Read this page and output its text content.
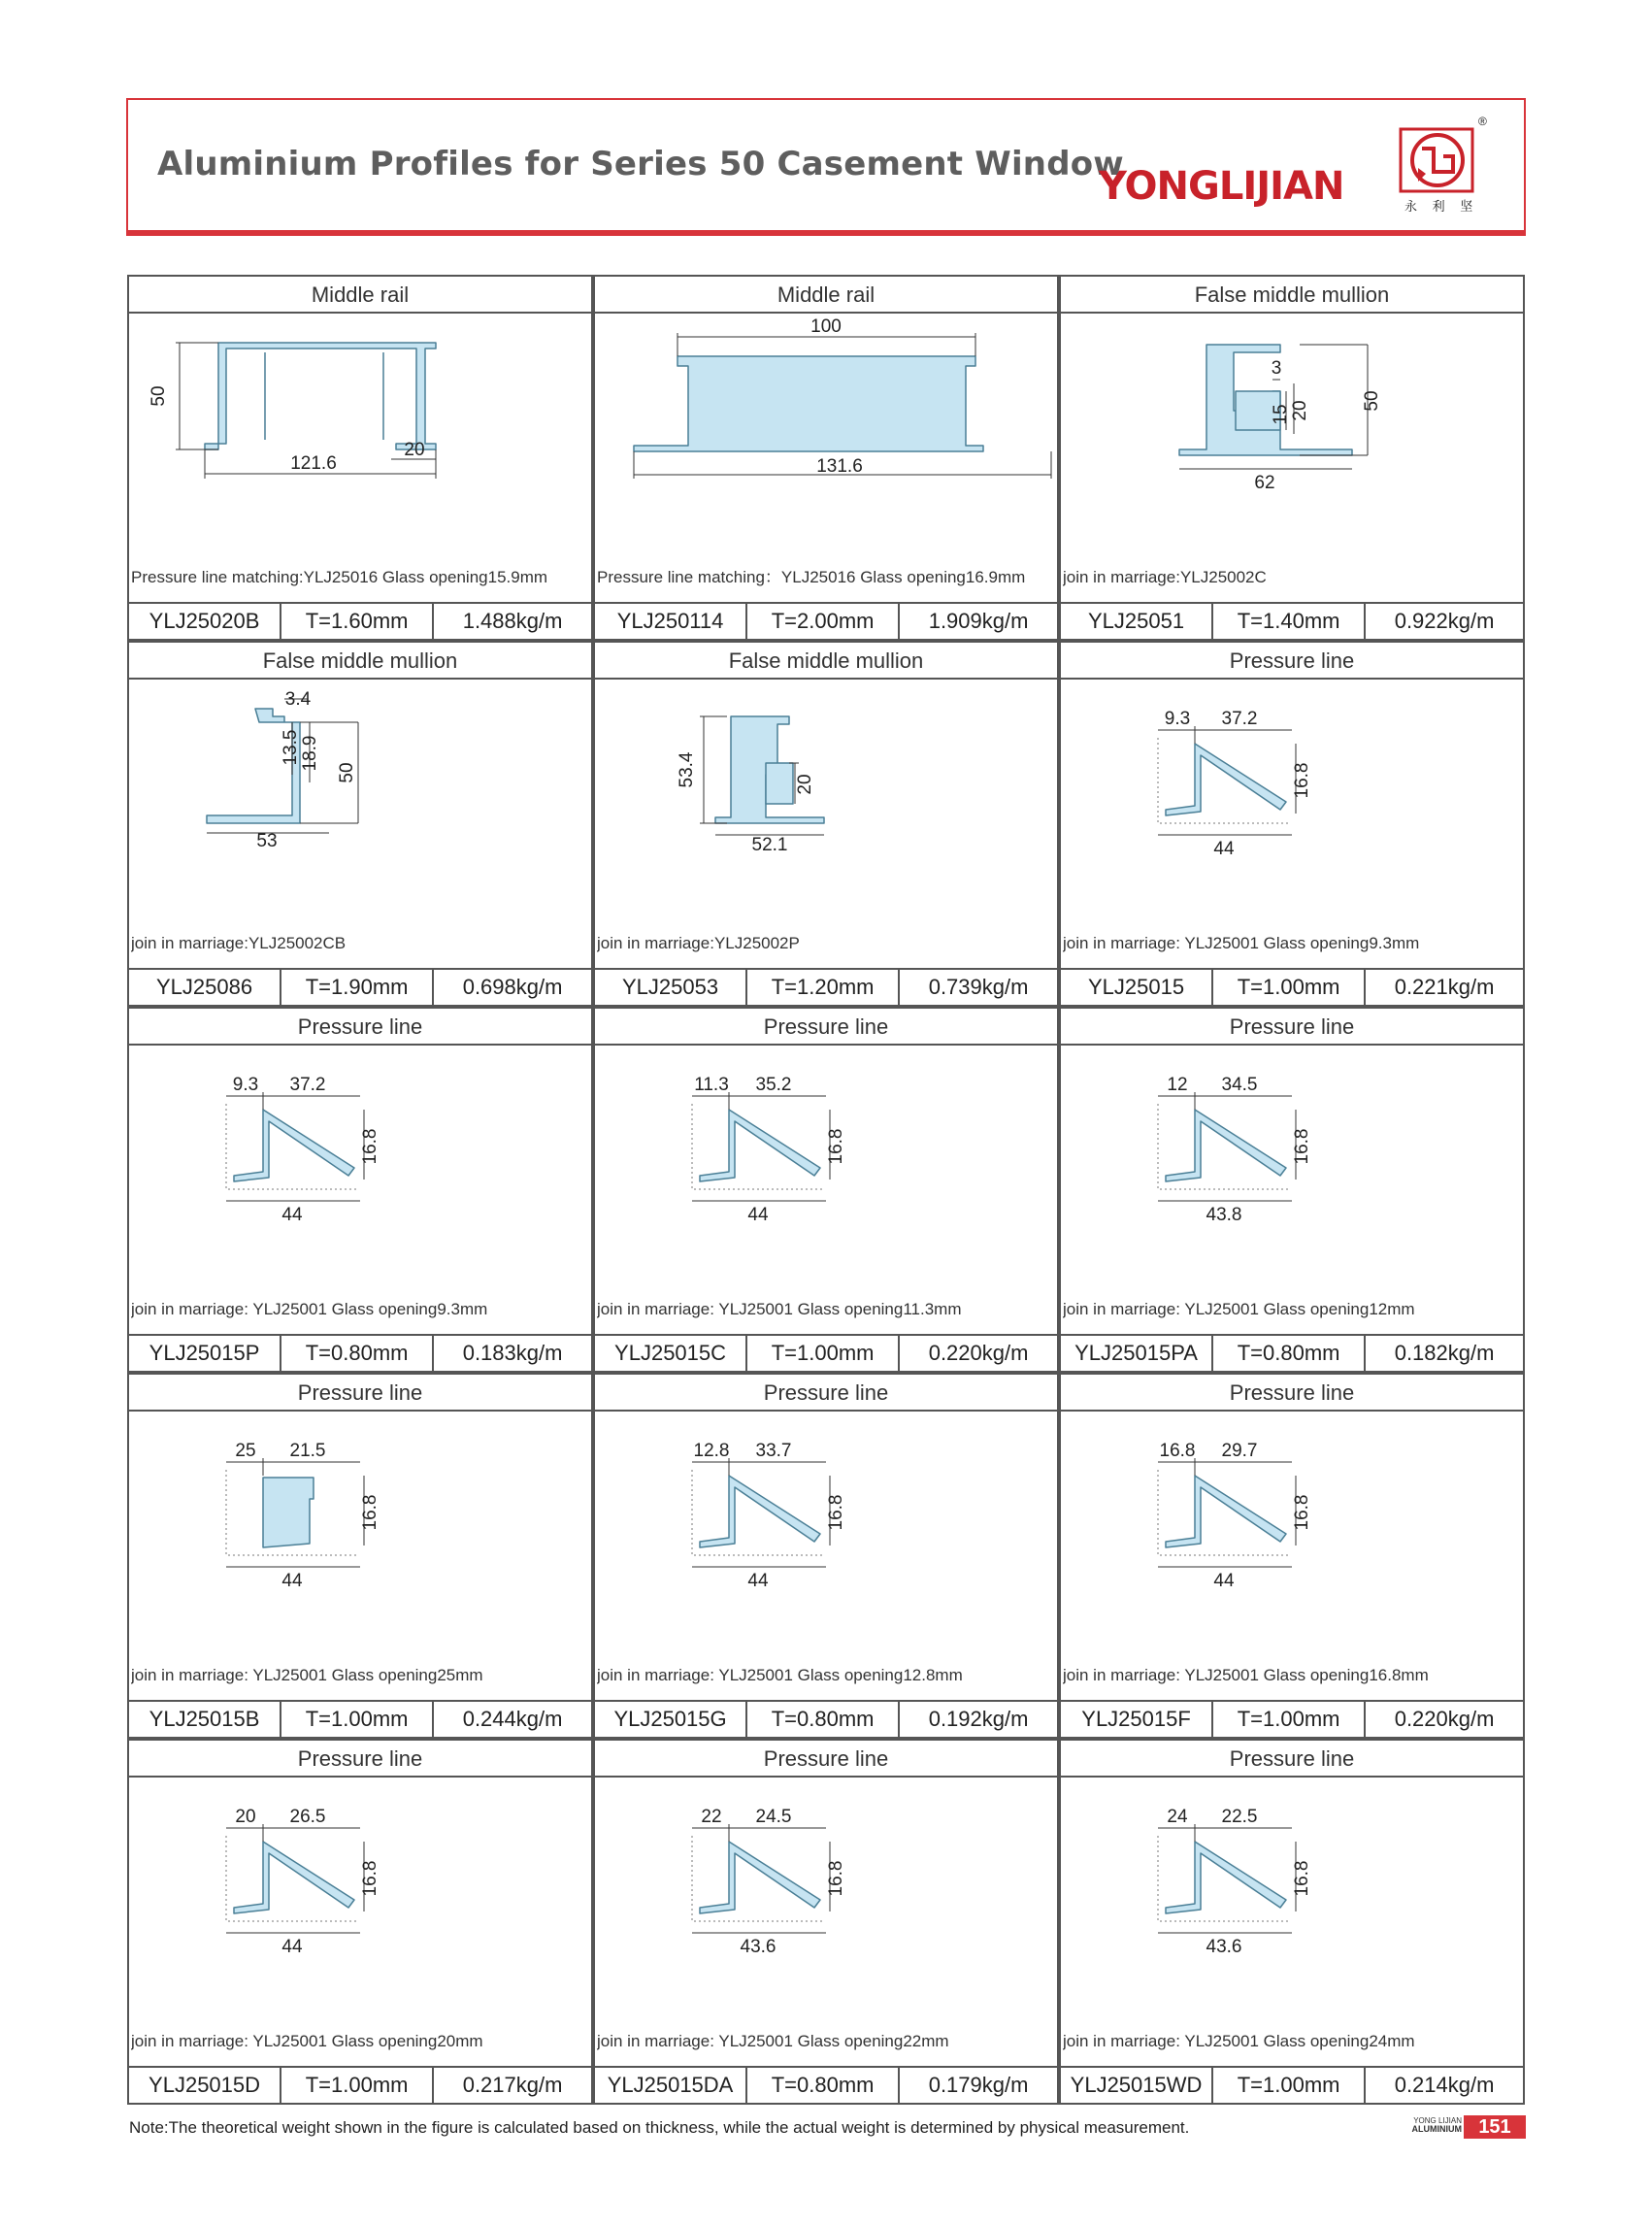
Aluminium Profiles for Series 50 Casement Window
YONGLIJIAN
®
永 利 坚
Middle rail
50
121.6
20
Pressure line matching:YLJ25016 Glass opening15.9mm
YLJ25020B	T=1.60mm	1.488kg/m
Middle rail
100
131.6
Pressure line matching：YLJ25016 Glass opening16.9mm
YLJ250114	T=2.00mm	1.909kg/m
False middle mullion
3
15 20	50
62
join in marriage:YLJ25002C
YLJ25051	T=1.40mm	0.922kg/m
False middle mullion
3.4
13.5 18.9
50
53
join in marriage:YLJ25002CB
YLJ25086	T=1.90mm	0.698kg/m
False middle mullion
53.4	20
52.1
join in marriage:YLJ25002P
YLJ25053	T=1.20mm	0.739kg/m
Pressure line
9.3 37.2
16.8
44
join in marriage: YLJ25001 Glass opening9.3mm
YLJ25015	T=1.00mm	0.221kg/m
Pressure line
9.3 37.2
16.8
44
join in marriage: YLJ25001 Glass opening9.3mm
YLJ25015P	T=0.80mm	0.183kg/m
Pressure line
11.3 35.2
16.8
44
join in marriage: YLJ25001 Glass opening11.3mm
YLJ25015C	T=1.00mm	0.220kg/m
Pressure line
12 34.5
16.8
43.8
join in marriage: YLJ25001 Glass opening12mm
YLJ25015PA	T=0.80mm	0.182kg/m
Pressure line
25 21.5
16.8
44
join in marriage: YLJ25001 Glass opening25mm
YLJ25015B	T=1.00mm	0.244kg/m
Pressure line
12.8 33.7
16.8
44
join in marriage: YLJ25001 Glass opening12.8mm
YLJ25015G	T=0.80mm	0.192kg/m
Pressure line
16.8 29.7
16.8
44
join in marriage: YLJ25001 Glass opening16.8mm
YLJ25015F	T=1.00mm	0.220kg/m
Pressure line
20 26.5
16.8
44
join in marriage: YLJ25001 Glass opening20mm
YLJ25015D	T=1.00mm	0.217kg/m
Pressure line
22 24.5
16.8
43.6
join in marriage: YLJ25001 Glass opening22mm
YLJ25015DA	T=0.80mm	0.179kg/m
Pressure line
24 22.5
16.8
43.6
join in marriage: YLJ25001 Glass opening24mm
YLJ25015WD	T=1.00mm	0.214kg/m
Note:The theoretical weight shown in the figure is calculated based on thickness, while the actual weight is determined by physical measurement.	YONG LIJIAN
ALUMINIUM 151
